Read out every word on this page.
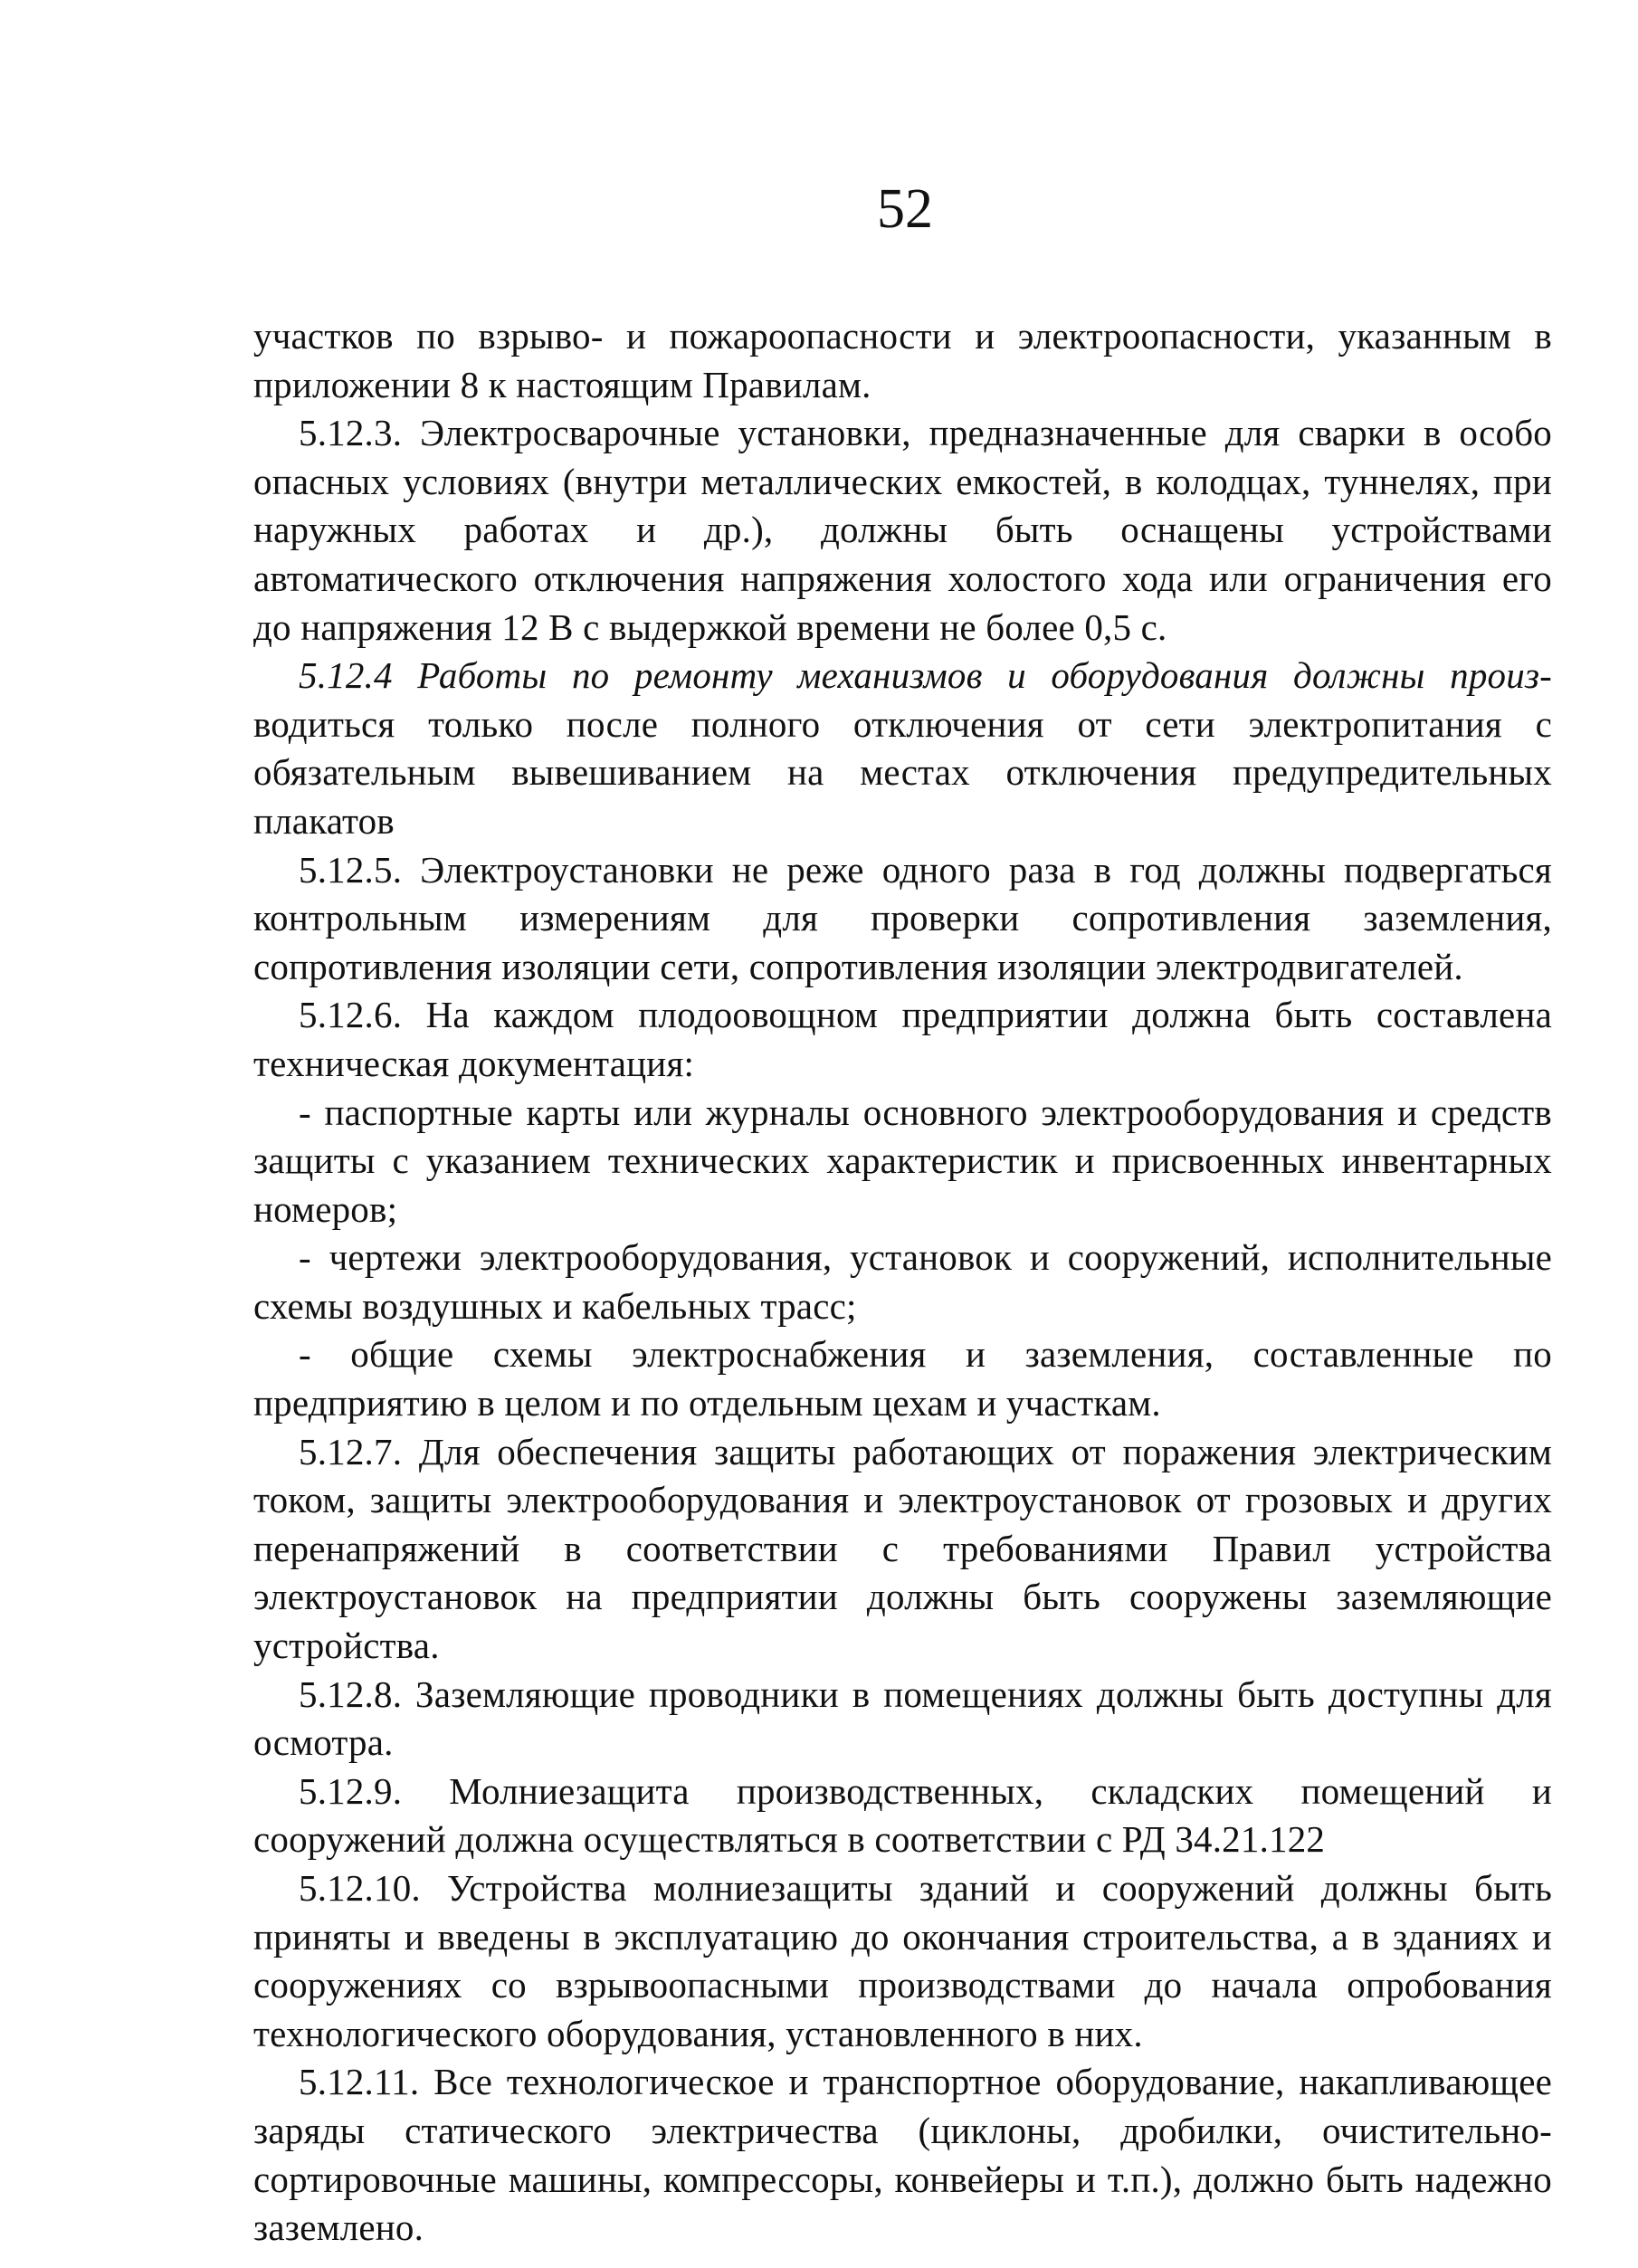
52

участков по взрыво- и пожароопасности и электроопасности, указанным в приложении 8 к настоящим Правилам.

5.12.3. Электросварочные установки, предназначенные для сварки в особо опасных условиях (внутри металлических емкостей, в колодцах, туннелях, при наружных работах и др.), должны быть оснащены устройствами автоматического отключения напряжения холостого хода или ограничения его до напряжения 12 В с выдержкой времени не более 0,5 с.

5.12.4 Работы по ремонту механизмов и оборудования должны произ-водиться только после полного отключения от сети электропитания с обязательным вывешиванием на местах отключения предупредительных плакатов

5.12.5. Электроустановки не реже одного раза в год должны подвергаться контрольным измерениям для проверки сопротивления заземления, сопротивления изоляции сети, сопротивления изоляции электродвигателей.

5.12.6. На каждом плодоовощном предприятии должна быть составлена техническая документация:

- паспортные карты или журналы основного электрооборудования и средств защиты с указанием технических характеристик и присвоенных инвентарных номеров;

- чертежи электрооборудования, установок и сооружений, исполнительные схемы воздушных и кабельных трасс;

- общие схемы электроснабжения и заземления, составленные по предприятию в целом и по отдельным цехам и участкам.

5.12.7. Для обеспечения защиты работающих от поражения электрическим током, защиты электрооборудования и электроустановок от грозовых и других перенапряжений в соответствии с требованиями Правил устройства электроустановок на предприятии должны быть сооружены заземляющие устройства.

5.12.8. Заземляющие проводники в помещениях должны быть доступны для осмотра.

5.12.9. Молниезащита производственных, складских помещений и сооружений должна осуществляться в соответствии с РД 34.21.122

5.12.10. Устройства молниезащиты зданий и сооружений должны быть приняты и введены в эксплуатацию до окончания строительства, а в зданиях и сооружениях со взрывоопасными производствами до начала опробования технологического оборудования, установленного в них.

5.12.11. Все технологическое и транспортное оборудование, накапливающее заряды статического электричества (циклоны, дробилки, очистительно-сортировочные машины, компрессоры, конвейеры и т.п.), должно быть надежно заземлено.
